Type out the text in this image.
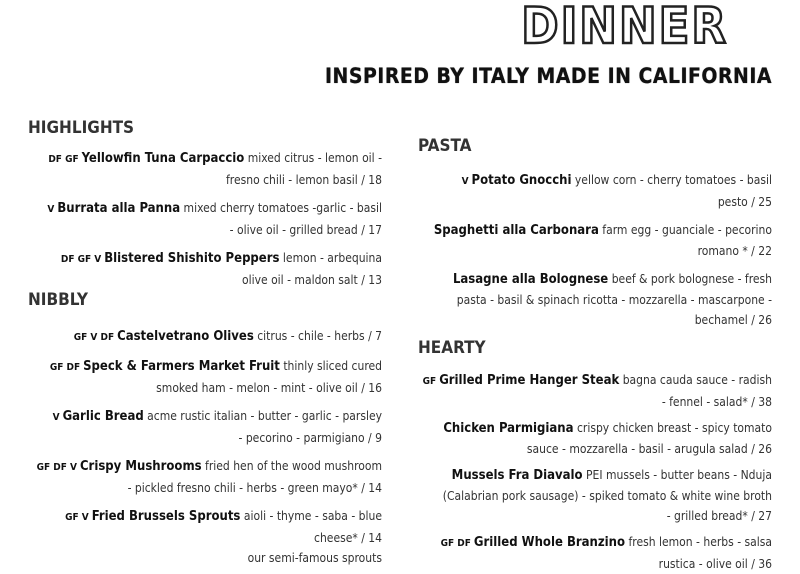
DINNER
INSPIRED BY ITALY MADE IN CALIFORNIA
HIGHLIGHTS
DF GF Yellowfin Tuna Carpaccio mixed citrus - lemon oil -
fresno chili - lemon basil / 18
V Burrata alla Panna mixed cherry tomatoes -garlic - basil
- olive oil - grilled bread / 17
DF GF V Blistered Shishito Peppers lemon - arbequina
olive oil - maldon salt / 13
NIBBLY
GF V DF Castelvetrano Olives citrus - chile - herbs / 7
GF DF Speck & Farmers Market Fruit thinly sliced cured
smoked ham - melon - mint - olive oil / 16
V Garlic Bread acme rustic italian - butter - garlic - parsley
- pecorino - parmigiano / 9
GF DF V Crispy Mushrooms fried hen of the wood mushroom
- pickled fresno chili - herbs - green mayo* / 14
GF V Fried Brussels Sprouts aioli - thyme - saba - blue
cheese* / 14
our semi-famous sprouts
PASTA
V Potato Gnocchi yellow corn - cherry tomatoes - basil
pesto / 25
Spaghetti alla Carbonara farm egg - guanciale - pecorino
romano * / 22
Lasagne alla Bolognese beef & pork bolognese - fresh
pasta - basil & spinach ricotta - mozzarella - mascarpone -
bechamel / 26
HEARTY
GF Grilled Prime Hanger Steak bagna cauda sauce - radish
- fennel - salad* / 38
Chicken Parmigiana crispy chicken breast - spicy tomato
sauce - mozzarella - basil - arugula salad / 26
Mussels Fra Diavalo PEI mussels - butter beans - Nduja
(Calabrian pork sausage) - spiked tomato & white wine broth
- grilled bread* / 27
GF DF Grilled Whole Branzino fresh lemon - herbs - salsa
rustica - olive oil / 36
